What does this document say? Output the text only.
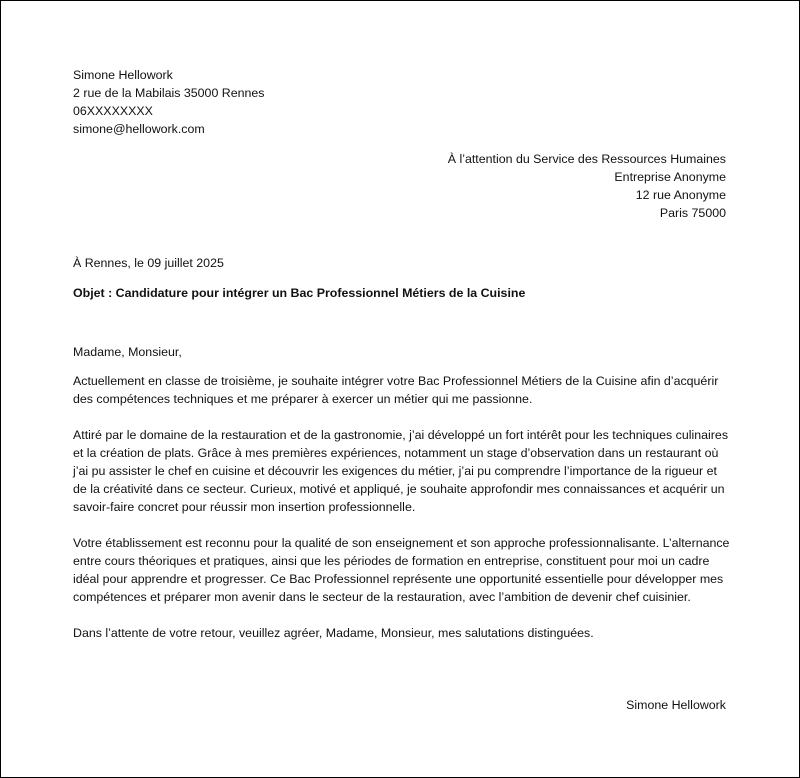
Simone Hellowork
2 rue de la Mabilais 35000 Rennes
06XXXXXXXX
simone@hellowork.com
À l’attention du Service des Ressources Humaines
Entreprise Anonyme
12 rue Anonyme
Paris 75000
À Rennes, le 09 juillet 2025
Objet : Candidature pour intégrer un Bac Professionnel Métiers de la Cuisine
Madame, Monsieur,

Actuellement en classe de troisième, je souhaite intégrer votre Bac Professionnel Métiers de la Cuisine afin d’acquérir des compétences techniques et me préparer à exercer un métier qui me passionne.

Attiré par le domaine de la restauration et de la gastronomie, j’ai développé un fort intérêt pour les techniques culinaires et la création de plats. Grâce à mes premières expériences, notamment un stage d’observation dans un restaurant où j’ai pu assister le chef en cuisine et découvrir les exigences du métier, j’ai pu comprendre l’importance de la rigueur et de la créativité dans ce secteur. Curieux, motivé et appliqué, je souhaite approfondir mes connaissances et acquérir un savoir-faire concret pour réussir mon insertion professionnelle.

Votre établissement est reconnu pour la qualité de son enseignement et son approche professionnalisante. L’alternance entre cours théoriques et pratiques, ainsi que les périodes de formation en entreprise, constituent pour moi un cadre idéal pour apprendre et progresser. Ce Bac Professionnel représente une opportunité essentielle pour développer mes compétences et préparer mon avenir dans le secteur de la restauration, avec l’ambition de devenir chef cuisinier.

Dans l’attente de votre retour, veuillez agréer, Madame, Monsieur, mes salutations distinguées.

Simone Hellowork
